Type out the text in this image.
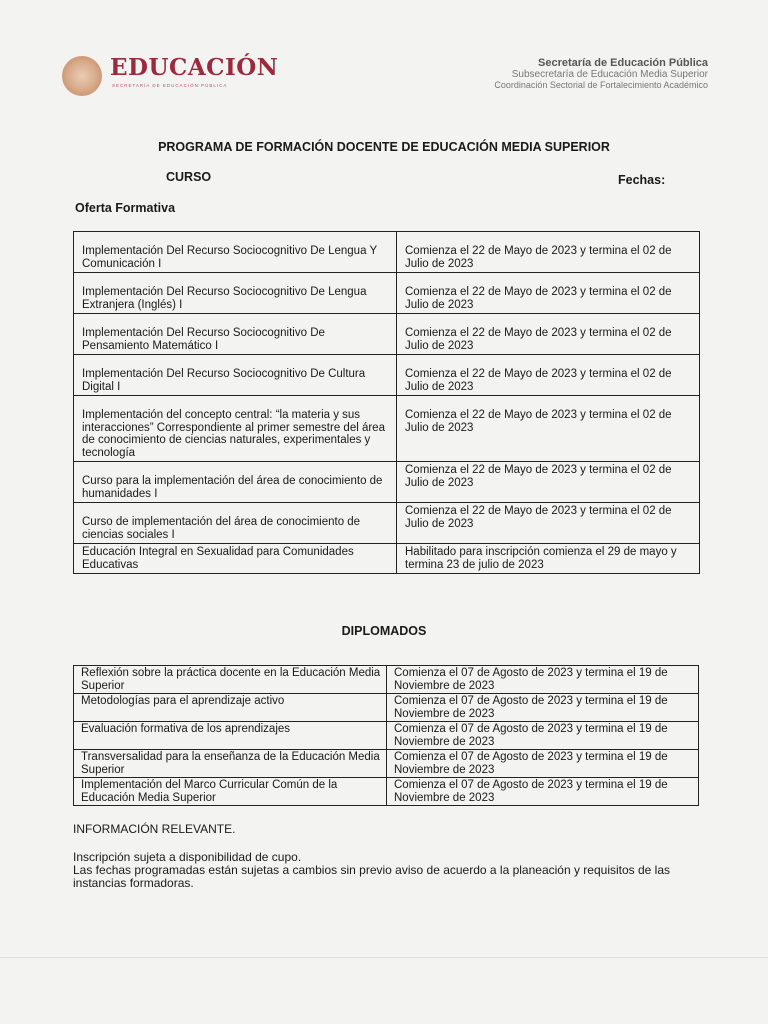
EDUCACIÓN
SECRETARÍA DE EDUCACIÓN PÚBLICA
Secretaría de Educación Pública
Subsecretaría de Educación Media Superior
Coordinación Sectorial de Fortalecimiento Académico
PROGRAMA DE FORMACIÓN DOCENTE DE EDUCACIÓN MEDIA SUPERIOR
CURSO	Fechas:
Oferta Formativa
Implementación Del Recurso Sociocognitivo De Lengua Y Comunicación I	Comienza el 22 de Mayo de 2023 y termina el 02 de Julio de 2023
Implementación Del Recurso Sociocognitivo De Lengua Extranjera (Inglés) I	Comienza el 22 de Mayo de 2023 y termina el 02 de Julio de 2023
Implementación Del Recurso Sociocognitivo De Pensamiento Matemático I	Comienza el 22 de Mayo de 2023 y termina el 02 de Julio de 2023
Implementación Del Recurso Sociocognitivo De Cultura Digital I	Comienza el 22 de Mayo de 2023 y termina el 02 de Julio de 2023
Implementación del concepto central: “la materia y sus interacciones” Correspondiente al primer semestre del área de conocimiento de ciencias naturales, experimentales y tecnología	Comienza el 22 de Mayo de 2023 y termina el 02 de Julio de 2023
Curso para la implementación del área de conocimiento de humanidades I	Comienza el 22 de Mayo de 2023 y termina el 02 de Julio de 2023
Curso de implementación del área de conocimiento de ciencias sociales I	Comienza el 22 de Mayo de 2023 y termina el 02 de Julio de 2023
Educación Integral en Sexualidad para Comunidades Educativas	Habilitado para inscripción comienza el 29 de mayo y termina 23 de julio de 2023
DIPLOMADOS
Reflexión sobre la práctica docente en la Educación Media Superior	Comienza el 07 de Agosto de 2023 y termina el 19 de Noviembre de 2023
Metodologías para el aprendizaje activo	Comienza el 07 de Agosto de 2023 y termina el 19 de Noviembre de 2023
Evaluación formativa de los aprendizajes	Comienza el 07 de Agosto de 2023 y termina el 19 de Noviembre de 2023
Transversalidad para la enseñanza de la Educación Media Superior	Comienza el 07 de Agosto de 2023 y termina el 19 de Noviembre de 2023
Implementación del Marco Curricular Común de la Educación Media Superior	Comienza el 07 de Agosto de 2023 y termina el 19 de Noviembre de 2023
INFORMACIÓN RELEVANTE.

Inscripción sujeta a disponibilidad de cupo.

Las fechas programadas están sujetas a cambios sin previo aviso de acuerdo a la planeación y requisitos de las instancias formadoras.
